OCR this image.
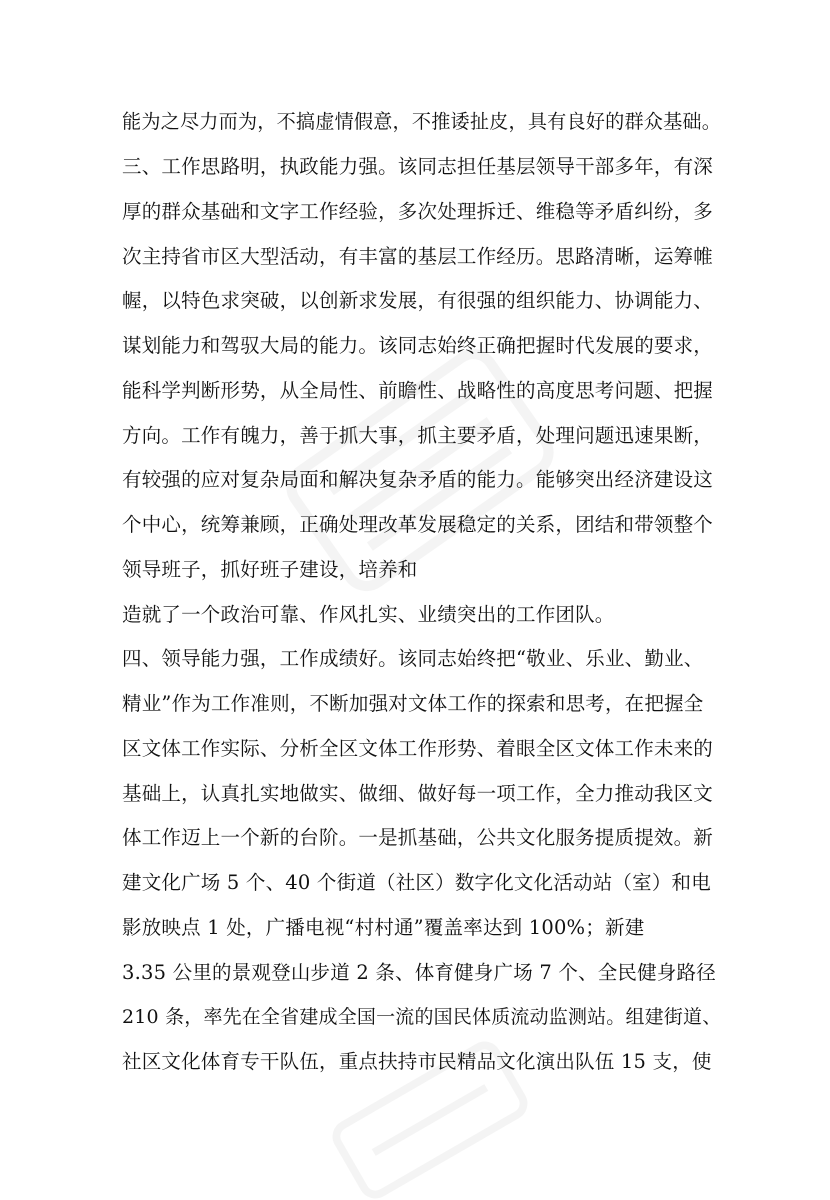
能为之尽力而为，不搞虚情假意，不推诿扯皮，具有良好的群众基础。
三、工作思路明，执政能力强。该同志担任基层领导干部多年，有深
厚的群众基础和文字工作经验，多次处理拆迁、维稳等矛盾纠纷，多
次主持省市区大型活动，有丰富的基层工作经历。思路清晰，运筹帷
幄，以特色求突破，以创新求发展，有很强的组织能力、协调能力、
谋划能力和驾驭大局的能力。该同志始终正确把握时代发展的要求，
能科学判断形势，从全局性、前瞻性、战略性的高度思考问题、把握
方向。工作有魄力，善于抓大事，抓主要矛盾，处理问题迅速果断，
有较强的应对复杂局面和解决复杂矛盾的能力。能够突出经济建设这
个中心，统筹兼顾，正确处理改革发展稳定的关系，团结和带领整个
领导班子，抓好班子建设，培养和
造就了一个政治可靠、作风扎实、业绩突出的工作团队。
四、领导能力强，工作成绩好。该同志始终把“敬业、乐业、勤业、
精业”作为工作准则，不断加强对文体工作的探索和思考，在把握全
区文体工作实际、分析全区文体工作形势、着眼全区文体工作未来的
基础上，认真扎实地做实、做细、做好每一项工作，全力推动我区文
体工作迈上一个新的台阶。一是抓基础，公共文化服务提质提效。新
建文化广场 5 个、40 个街道（社区）数字化文化活动站（室）和电
影放映点 1 处，广播电视“村村通”覆盖率达到 100%；新建
3.35 公里的景观登山步道 2 条、体育健身广场 7 个、全民健身路径
210 条，率先在全省建成全国一流的国民体质流动监测站。组建街道、
社区文化体育专干队伍，重点扶持市民精品文化演出队伍 15 支，使
